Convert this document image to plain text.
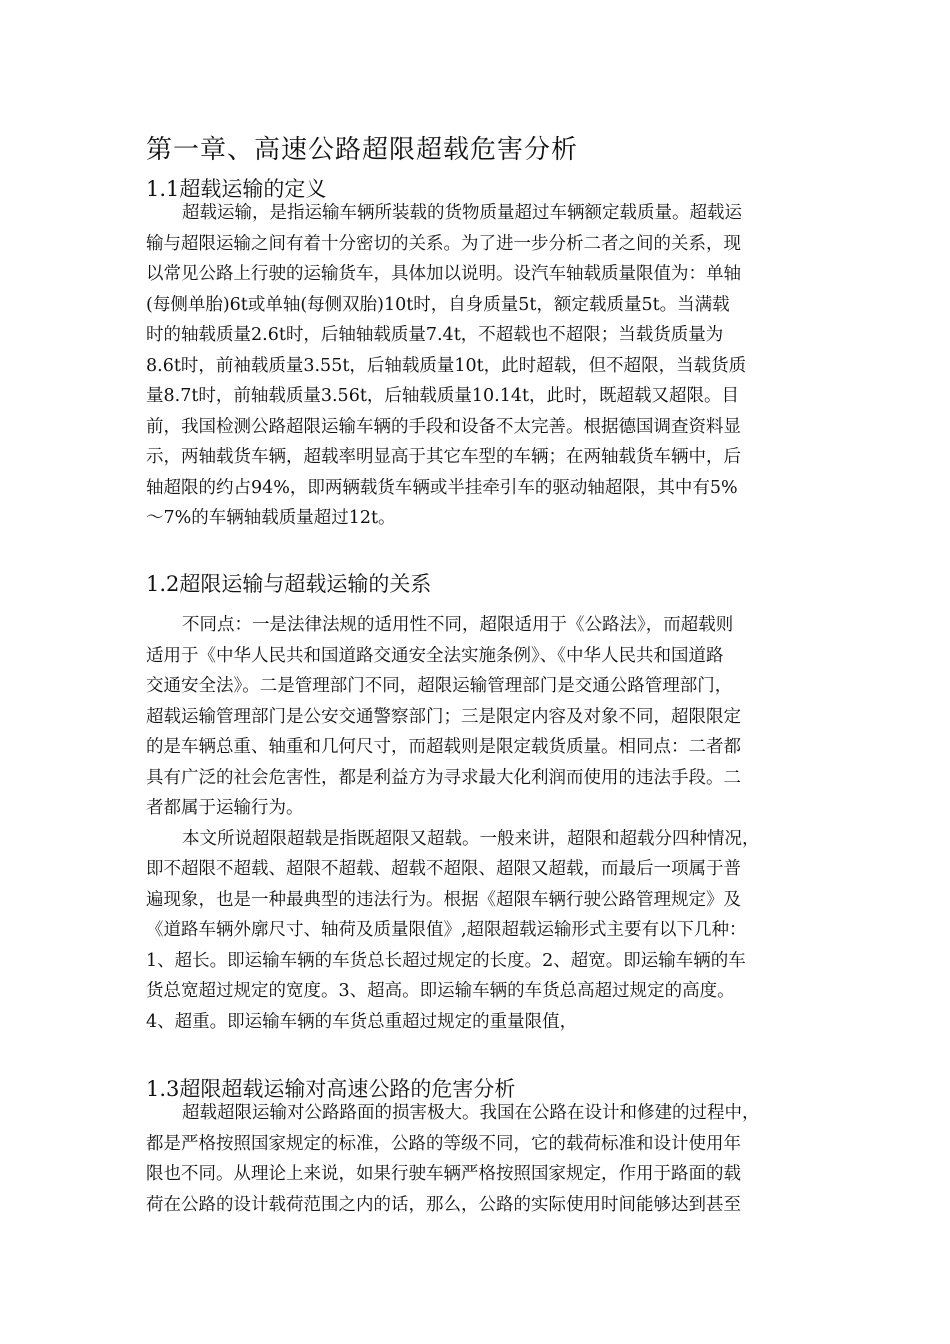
第一章、高速公路超限超载危害分析
1.1超载运输的定义
超载运输，是指运输车辆所装载的货物质量超过车辆额定载质量。超载运
输与超限运输之间有着十分密切的关系。为了进一步分析二者之间的关系，现
以常见公路上行驶的运输货车，具体加以说明。设汽车轴载质量限值为：单轴
(每侧单胎)6t或单轴(每侧双胎)10t时，自身质量5t，额定载质量5t。当满载
时的轴载质量2.6t时，后轴轴载质量7.4t，不超载也不超限；当载货质量为
8.6t时，前袖载质量3.55t，后轴载质量10t，此时超载，但不超限，当载货质
量8.7t时，前轴载质量3.56t，后轴载质量10.14t，此时，既超载又超限。目
前，我国检测公路超限运输车辆的手段和设备不太完善。根据德国调查资料显
示，两轴载货车辆，超载率明显高于其它车型的车辆；在两轴载货车辆中，后
轴超限的约占94%，即两辆载货车辆或半挂牵引车的驱动轴超限，其中有5%
～7%的车辆轴载质量超过12t。
1.2超限运输与超载运输的关系
不同点：一是法律法规的适用性不同，超限适用于《公路法》，而超载则
适用于《中华人民共和国道路交通安全法实施条例》、《中华人民共和国道路
交通安全法》。二是管理部门不同，超限运输管理部门是交通公路管理部门，
超载运输管理部门是公安交通警察部门；三是限定内容及对象不同，超限限定
的是车辆总重、轴重和几何尺寸，而超载则是限定载货质量。相同点：二者都
具有广泛的社会危害性，都是利益方为寻求最大化利润而使用的违法手段。二
者都属于运输行为。
本文所说超限超载是指既超限又超载。一般来讲，超限和超载分四种情况，
即不超限不超载、超限不超载、超载不超限、超限又超载，而最后一项属于普
遍现象，也是一种最典型的违法行为。根据《超限车辆行驶公路管理规定》及
《道路车辆外廓尺寸、轴荷及质量限值》,超限超载运输形式主要有以下几种：
1、超长。即运输车辆的车货总长超过规定的长度。2、超宽。即运输车辆的车
货总宽超过规定的宽度。3、超高。即运输车辆的车货总高超过规定的高度。
4、超重。即运输车辆的车货总重超过规定的重量限值，
1.3超限超载运输对高速公路的危害分析
超载超限运输对公路路面的损害极大。我国在公路在设计和修建的过程中，
都是严格按照国家规定的标准，公路的等级不同，它的载荷标准和设计使用年
限也不同。从理论上来说，如果行驶车辆严格按照国家规定，作用于路面的载
荷在公路的设计载荷范围之内的话，那么，公路的实际使用时间能够达到甚至
